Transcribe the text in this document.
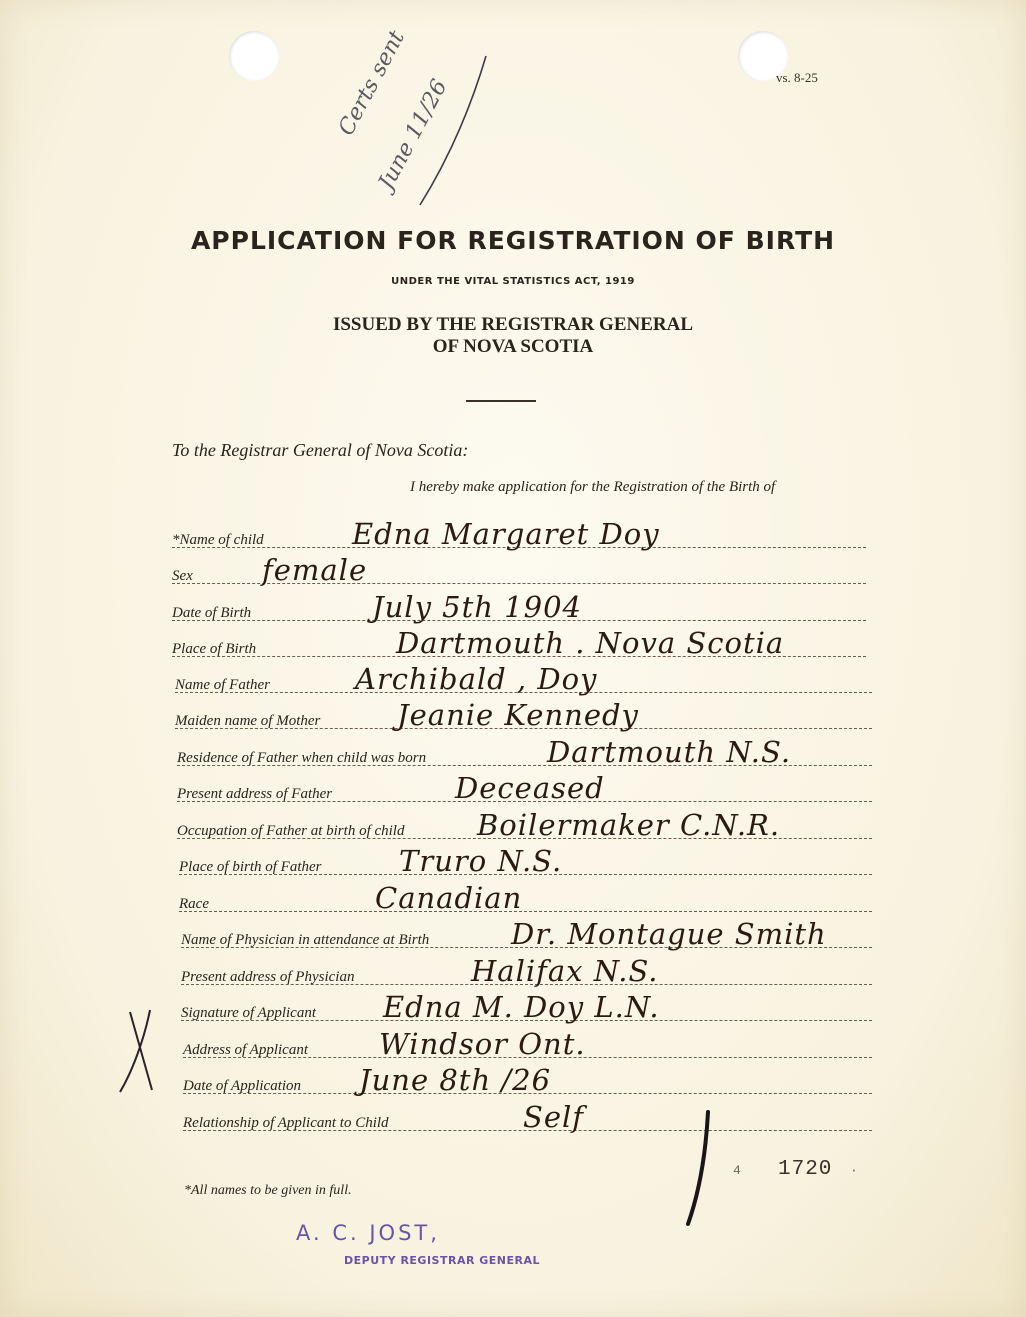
vs. 8-25
Certs sent
June 11/26
APPLICATION FOR REGISTRATION OF BIRTH
UNDER THE VITAL STATISTICS ACT, 1919
ISSUED BY THE REGISTRAR GENERAL
OF NOVA SCOTIA
To the Registrar General of Nova Scotia:
I hereby make application for the Registration of the Birth of
*Name of child	Edna Margaret Doy
Sex female
Date of Birth	July 5th 1904
Place of Birth	Dartmouth . Nova Scotia
Name of Father	Archibald , Doy
Maiden name of Mother	Jeanie Kennedy
Residence of Father when child was born	Dartmouth N.S.
Present address of Father	Deceased
Occupation of Father at birth of child	Boilermaker C.N.R.
Place of birth of Father	Truro N.S.
Race	Canadian
Name of Physician in attendance at Birth	Dr. Montague Smith
Present address of Physician	Halifax N.S.
Signature of Applicant Edna M. Doy L.N.
Address of Applicant Windsor Ont.
Date of Application June 8th /26
Relationship of Applicant to Child	Self
*All names to be given in full.
4 1720 ·
A. C. JOST,
DEPUTY REGISTRAR GENERAL
